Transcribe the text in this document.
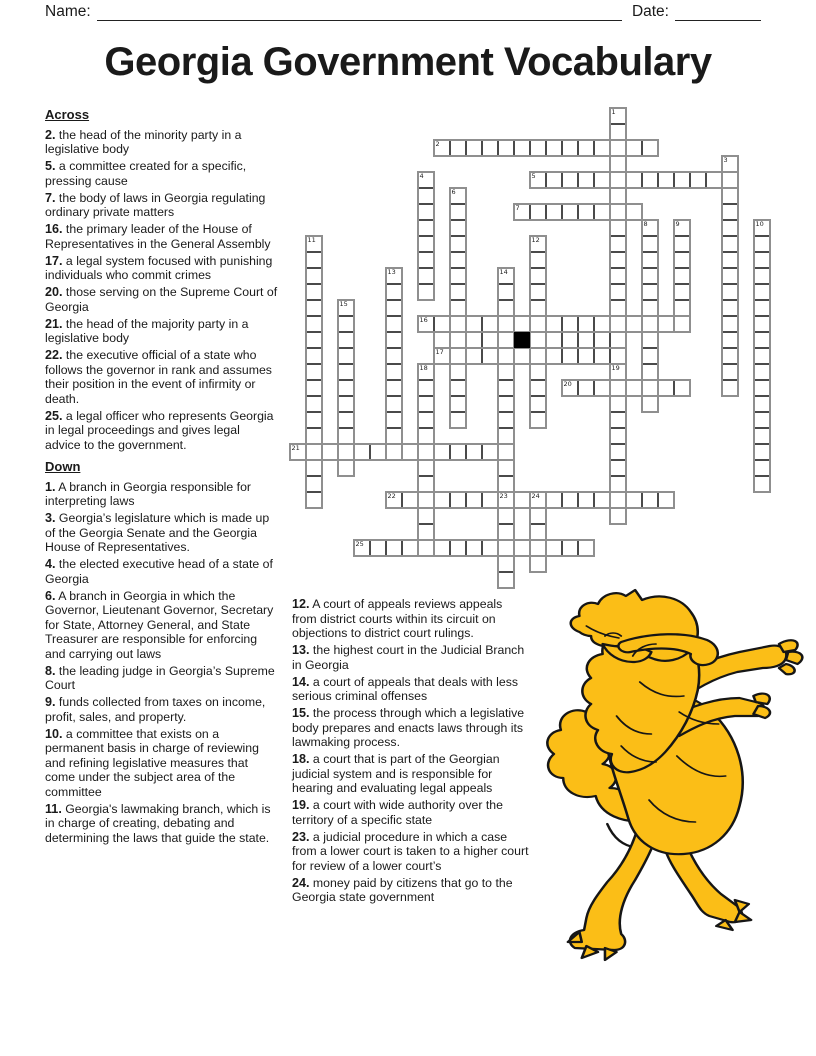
Name:	Date:
Georgia Government Vocabulary

Across

2. the head of the minority party in a legislative body

5. a committee created for a specific, pressing cause

7. the body of laws in Georgia regulating ordinary private matters

16. the primary leader of the House of Representatives in the General Assembly

17. a legal system focused with punishing individuals who commit crimes

20. those serving on the Supreme Court of Georgia

21. the head of the majority party in a legislative body

22. the executive official of a state who follows the governor in rank and assumes their position in the event of infirmity or death.

25. a legal officer who represents Georgia in legal proceedings and gives legal advice to the government.

Down

1. A branch in Georgia responsible for interpreting laws

3. Georgia’s legislature which is made up of the Georgia Senate and the Georgia House of Representatives.

4. the elected executive head of a state of Georgia

6. A branch in Georgia in which the Governor, Lieutenant Governor, Secretary for State, Attorney General, and State Treasurer are responsible for enforcing and carrying out laws

8. the leading judge in Georgia’s Supreme Court

9. funds collected from taxes on income, profit, sales, and property.

10. a committee that exists on a permanent basis in charge of reviewing and refining legislative measures that come under the subject area of the committee

11. Georgia's lawmaking branch, which is in charge of creating, debating and determining the laws that guide the state.

12. A court of appeals reviews appeals from district courts within its circuit on objections to district court rulings.

13. the highest court in the Judicial Branch in Georgia

14. a court of appeals that deals with less serious criminal offenses

15. the process through which a legislative body prepares and enacts laws through its lawmaking process.

18. a court that is part of the Georgian judicial system and is responsible for hearing and evaluating legal appeals

19. a court with wide authority over the territory of a specific state

23. a judicial procedure in which a case from a lower court is taken to a higher court for review of a lower court’s

24. money paid by citizens that go to the Georgia state government

2
5
7
16
17
20
21
22
25
1
3
4
6
8	9	10
11	12
13	14
15
18	19
23	24
